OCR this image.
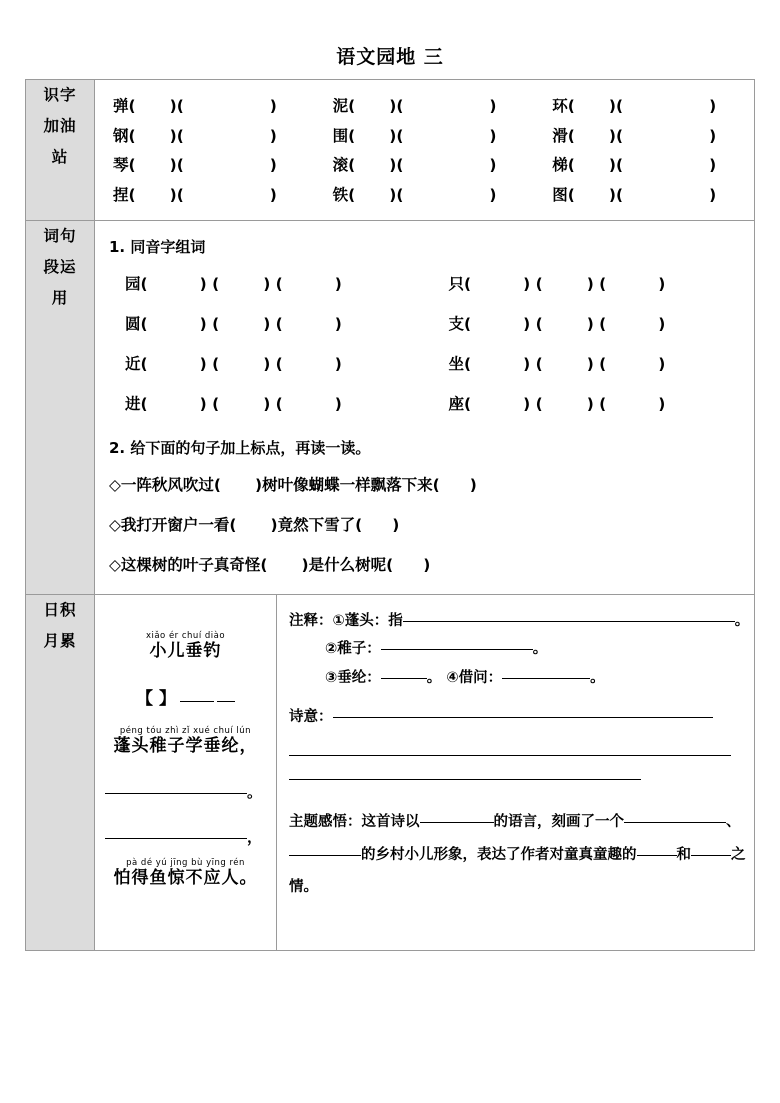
语文园地 三
识字
加油
站

弹( )(	)	泥( )(	)	环( )(	)
钢( )(	)	围( )(	)	滑( )(	)
琴( )(	)	滚( )(	)	梯( )(	)
捏( )(	)	铁( )(	)	图( )(	)

词句
段运
用

1. 同音字组词
园(	) (	) (	)	只(	) (	) (	)
圆(	) (	) (	)	支(	) (	) (	)
近(	) (	) (	)	坐(	) (	) (	)
进(	) (	) (	)	座(	) (	) (	)
2. 给下面的句子加上标点，再读一读。
◇一阵秋风吹过( )树叶像蝴蝶一样飘落下来( )
◇我打开窗户一看( )竟然下雪了( )
◇这棵树的叶子真奇怪( )是什么树呢( )

日积
月累	xiǎo ér chuí diào
小儿垂钓
【 】
péng tóu zhì zǐ xué chuí lún
蓬头稚子学垂纶，
。
，
pà dé yú jīng bù yīng rén
怕得鱼惊不应人。
注释：①蓬头：指	。
②稚子：	。
③垂纶：	。 ④借问：	。
诗意：
主题感悟：这首诗以	的语言，刻画了一个	、的乡村小儿形象，表达了作者对童真童趣的	和	之情。
